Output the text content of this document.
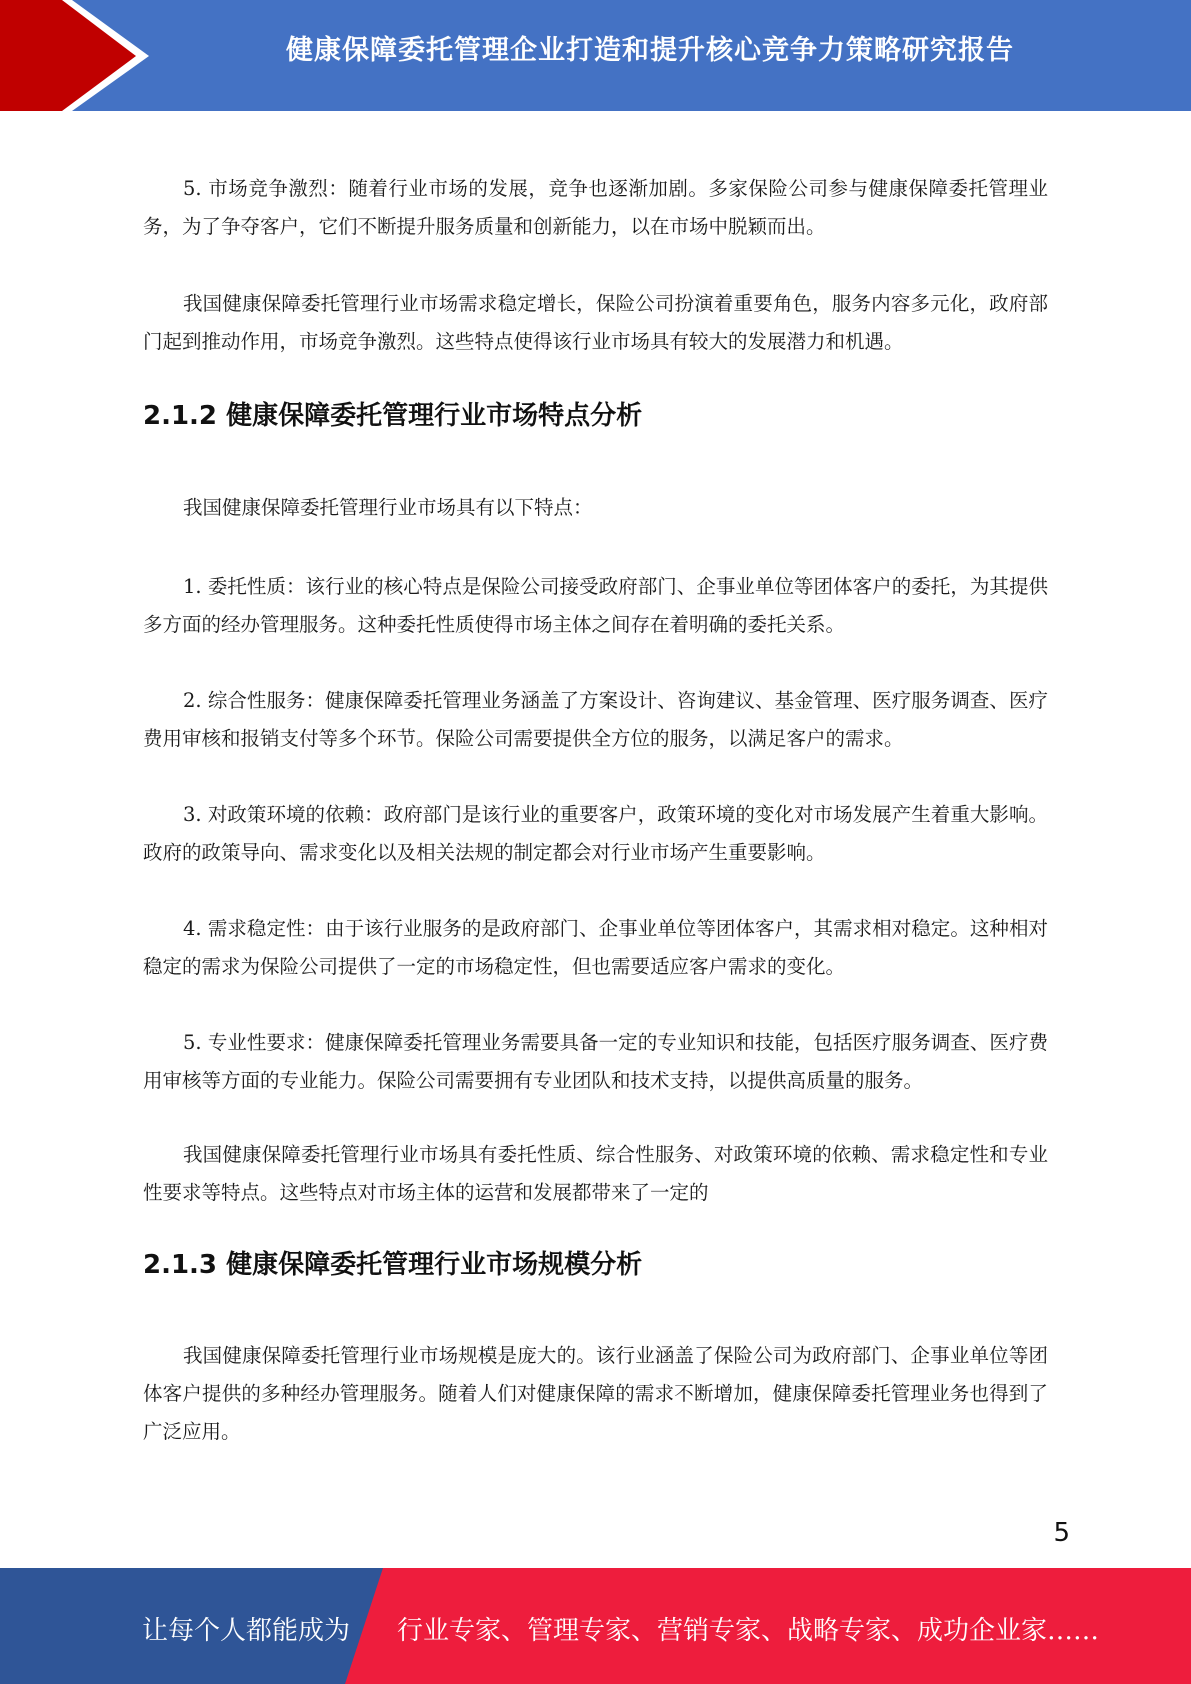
健康保障委托管理企业打造和提升核心竞争力策略研究报告

5. 市场竞争激烈：随着行业市场的发展，竞争也逐渐加剧。多家保险公司参与健康保障委托管理业务，为了争夺客户，它们不断提升服务质量和创新能力，以在市场中脱颖而出。

我国健康保障委托管理行业市场需求稳定增长，保险公司扮演着重要角色，服务内容多元化，政府部门起到推动作用，市场竞争激烈。这些特点使得该行业市场具有较大的发展潜力和机遇。

2.1.2 健康保障委托管理行业市场特点分析

我国健康保障委托管理行业市场具有以下特点：

1. 委托性质：该行业的核心特点是保险公司接受政府部门、企事业单位等团体客户的委托，为其提供多方面的经办管理服务。这种委托性质使得市场主体之间存在着明确的委托关系。

2. 综合性服务：健康保障委托管理业务涵盖了方案设计、咨询建议、基金管理、医疗服务调查、医疗费用审核和报销支付等多个环节。保险公司需要提供全方位的服务，以满足客户的需求。

3. 对政策环境的依赖：政府部门是该行业的重要客户，政策环境的变化对市场发展产生着重大影响。政府的政策导向、需求变化以及相关法规的制定都会对行业市场产生重要影响。

4. 需求稳定性：由于该行业服务的是政府部门、企事业单位等团体客户，其需求相对稳定。这种相对稳定的需求为保险公司提供了一定的市场稳定性，但也需要适应客户需求的变化。

5. 专业性要求：健康保障委托管理业务需要具备一定的专业知识和技能，包括医疗服务调查、医疗费用审核等方面的专业能力。保险公司需要拥有专业团队和技术支持，以提供高质量的服务。

我国健康保障委托管理行业市场具有委托性质、综合性服务、对政策环境的依赖、需求稳定性和专业性要求等特点。这些特点对市场主体的运营和发展都带来了一定的

2.1.3 健康保障委托管理行业市场规模分析

我国健康保障委托管理行业市场规模是庞大的。该行业涵盖了保险公司为政府部门、企事业单位等团体客户提供的多种经办管理服务。随着人们对健康保障的需求不断增加，健康保障委托管理业务也得到了广泛应用。

5
让每个人都能成为 行业专家、管理专家、营销专家、战略专家、成功企业家……
